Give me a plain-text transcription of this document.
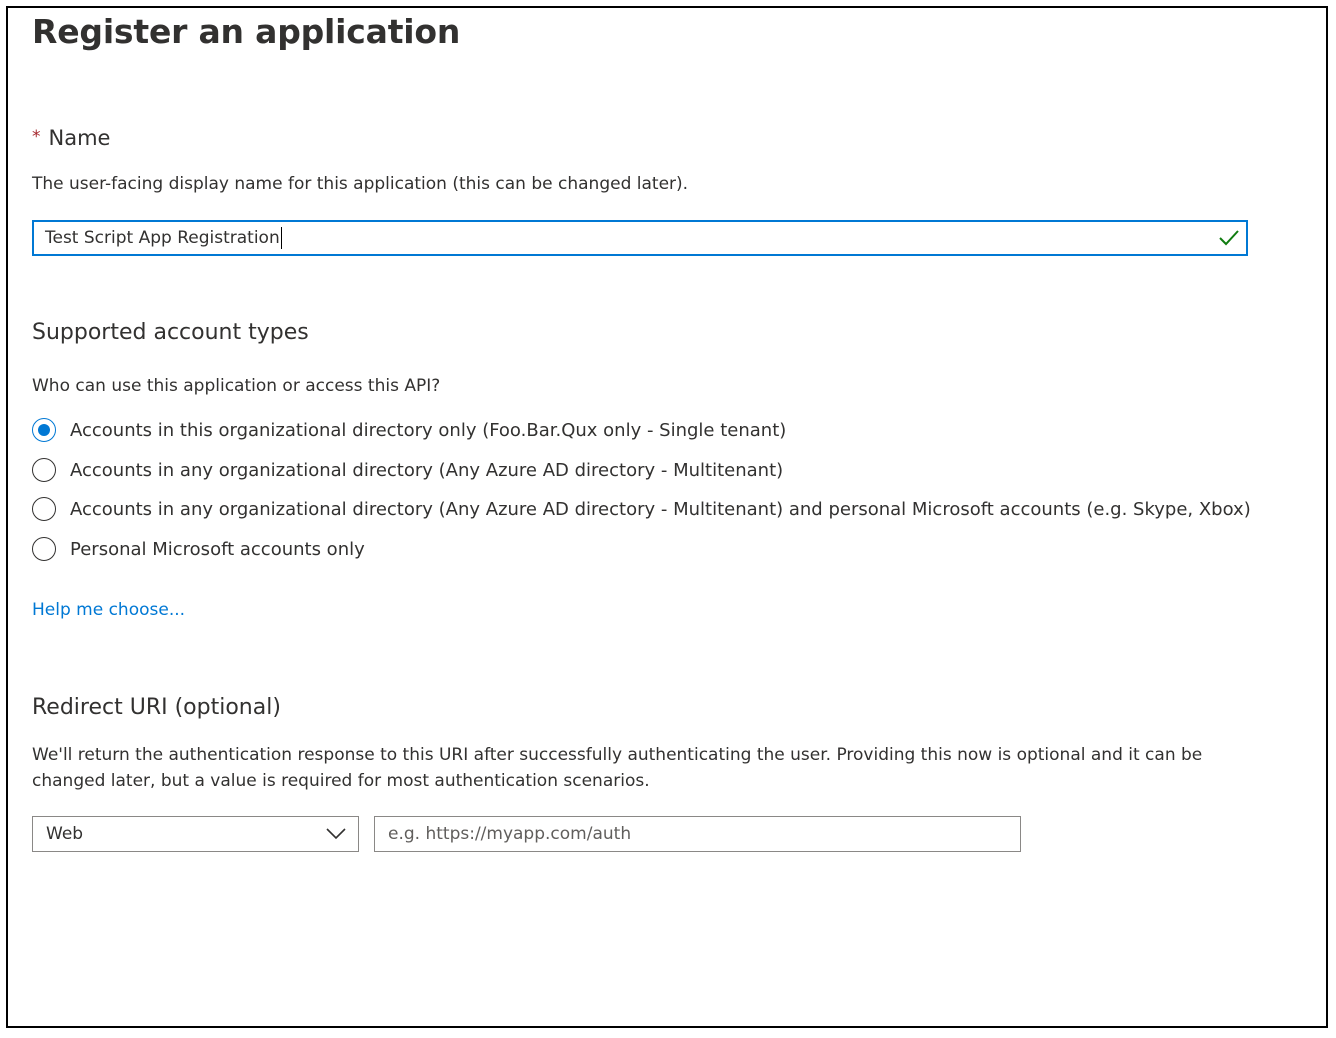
Register an application
* Name
The user-facing display name for this application (this can be changed later).
Test Script App Registration
Supported account types
Who can use this application or access this API?
Accounts in this organizational directory only (Foo.Bar.Qux only - Single tenant)
Accounts in any organizational directory (Any Azure AD directory - Multitenant)
Accounts in any organizational directory (Any Azure AD directory - Multitenant) and personal Microsoft accounts (e.g. Skype, Xbox)
Personal Microsoft accounts only
Help me choose...
Redirect URI (optional)
We'll return the authentication response to this URI after successfully authenticating the user. Providing this now is optional and it can be changed later, but a value is required for most authentication scenarios.
Web
e.g. https://myapp.com/auth
